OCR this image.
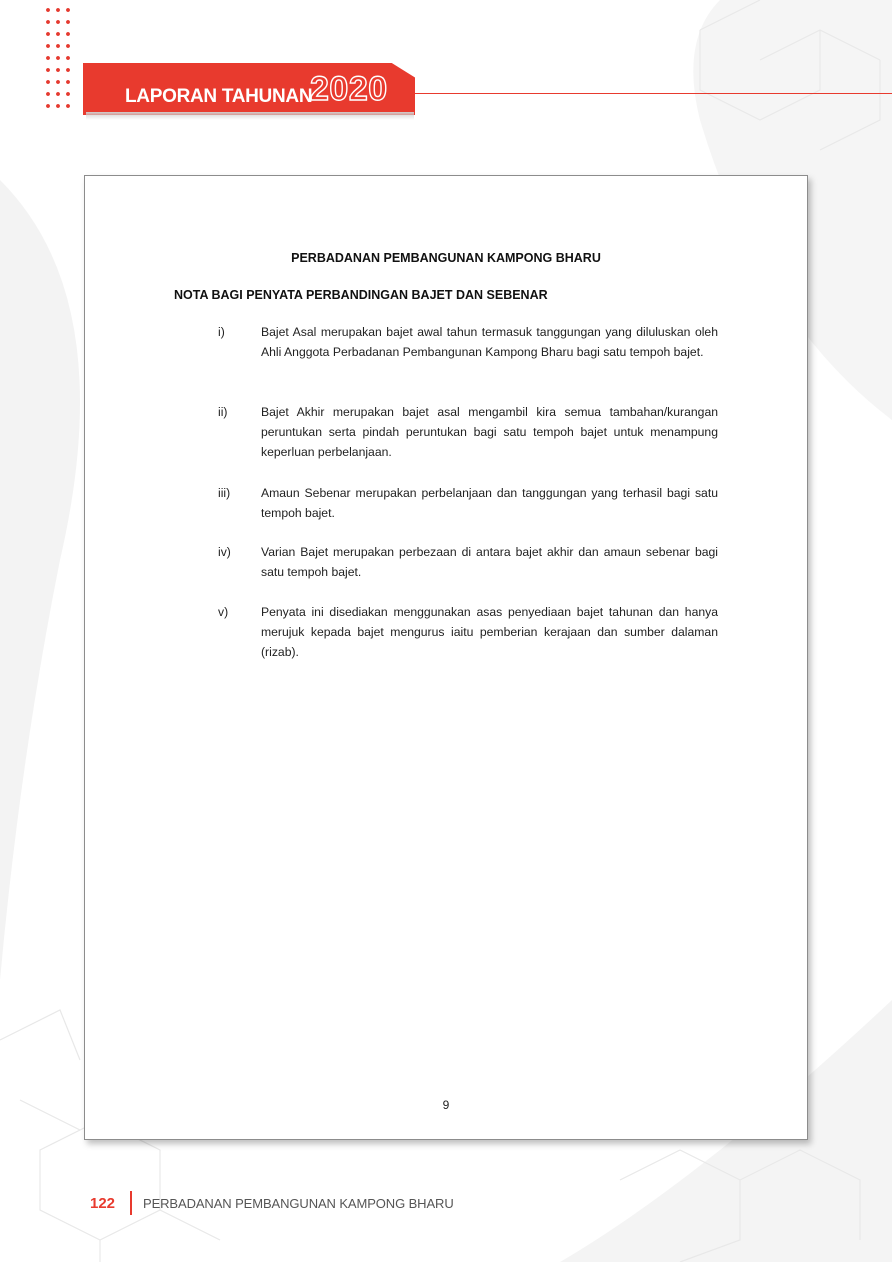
LAPORAN TAHUNAN
2020

PERBADANAN PEMBANGUNAN KAMPONG BHARU

NOTA BAGI PENYATA PERBANDINGAN BAJET DAN SEBENAR

i)	Bajet Asal merupakan bajet awal tahun termasuk tanggungan yang diluluskan oleh Ahli Anggota Perbadanan Pembangunan Kampong Bharu bagi satu tempoh bajet.
ii)	Bajet Akhir merupakan bajet asal mengambil kira semua tambahan/kurangan peruntukan serta pindah peruntukan bagi satu tempoh bajet untuk menampung keperluan perbelanjaan.
iii)	Amaun Sebenar merupakan perbelanjaan dan tanggungan yang terhasil bagi satu tempoh bajet.
iv) Varian Bajet merupakan perbezaan di antara bajet akhir dan amaun sebenar bagi satu tempoh bajet.
v)	Penyata ini disediakan menggunakan asas penyediaan bajet tahunan dan hanya merujuk kepada bajet mengurus iaitu pemberian kerajaan dan sumber dalaman (rizab).
9
122 PERBADANAN PEMBANGUNAN KAMPONG BHARU
